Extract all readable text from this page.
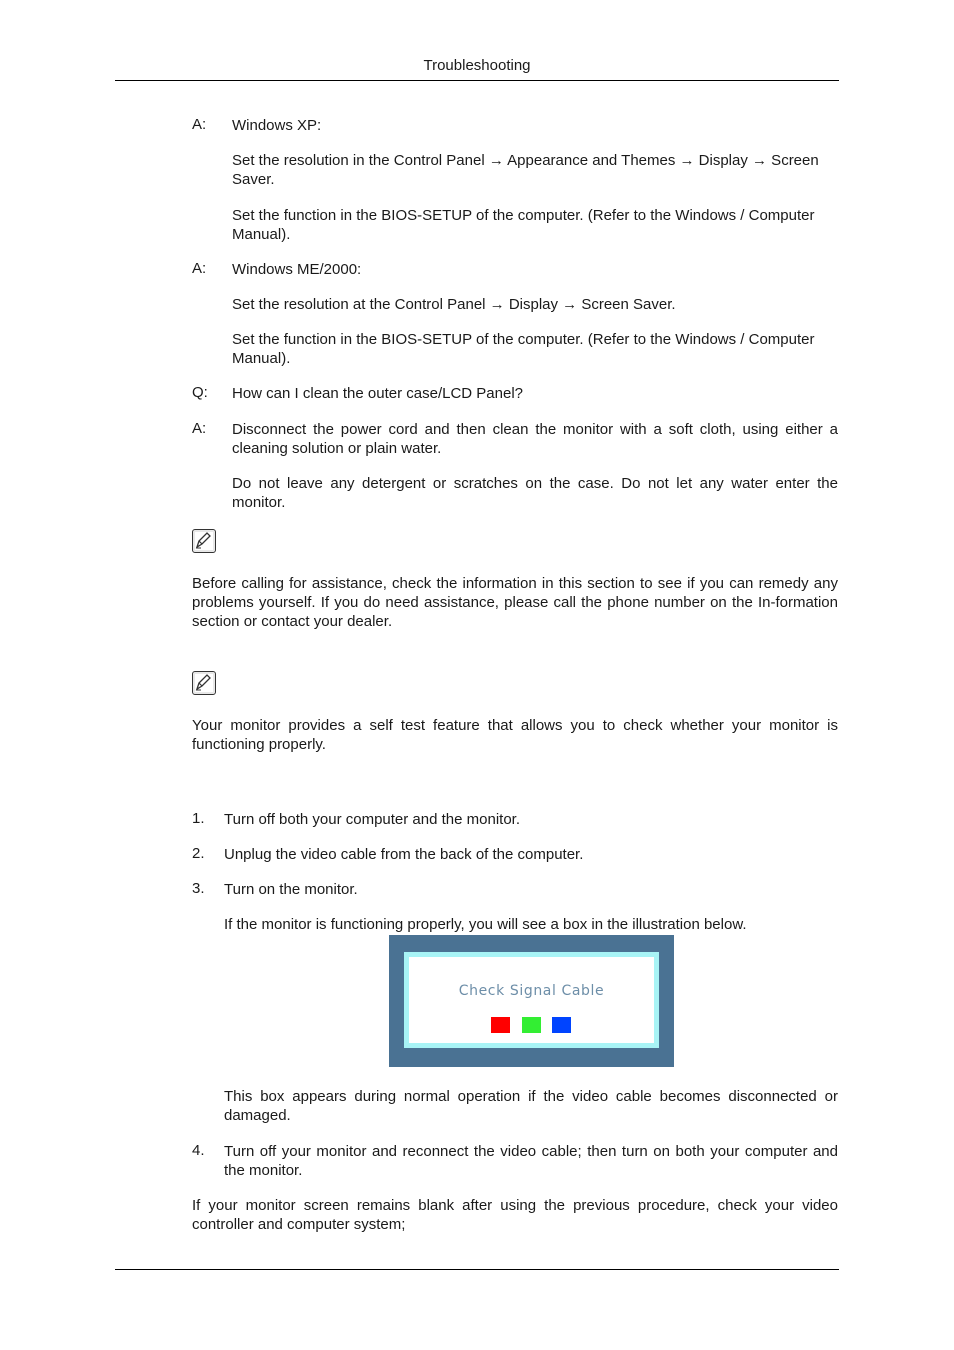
Troubleshooting
A: Windows XP:
Set the resolution in the Control Panel → Appearance and Themes → Display → Screen Saver.
Set the function in the BIOS-SETUP of the computer. (Refer to the Windows / Computer Manual).
A: Windows ME/2000:
Set the resolution at the Control Panel → Display → Screen Saver.
Set the function in the BIOS-SETUP of the computer. (Refer to the Windows / Computer Manual).
Q: How can I clean the outer case/LCD Panel?
A: Disconnect the power cord and then clean the monitor with a soft cloth, using either a cleaning solution or plain water.
Do not leave any detergent or scratches on the case. Do not let any water enter the monitor.
Before calling for assistance, check the information in this section to see if you can remedy any problems yourself. If you do need assistance, please call the phone number on the In-formation section or contact your dealer.
Your monitor provides a self test feature that allows you to check whether your monitor is functioning properly.
1. Turn off both your computer and the monitor.
2. Unplug the video cable from the back of the computer.
3. Turn on the monitor.
If the monitor is functioning properly, you will see a box in the illustration below.
Check Signal Cable
This box appears during normal operation if the video cable becomes disconnected or damaged.
4. Turn off your monitor and reconnect the video cable; then turn on both your computer and the monitor.
If your monitor screen remains blank after using the previous procedure, check your video controller and computer system;
